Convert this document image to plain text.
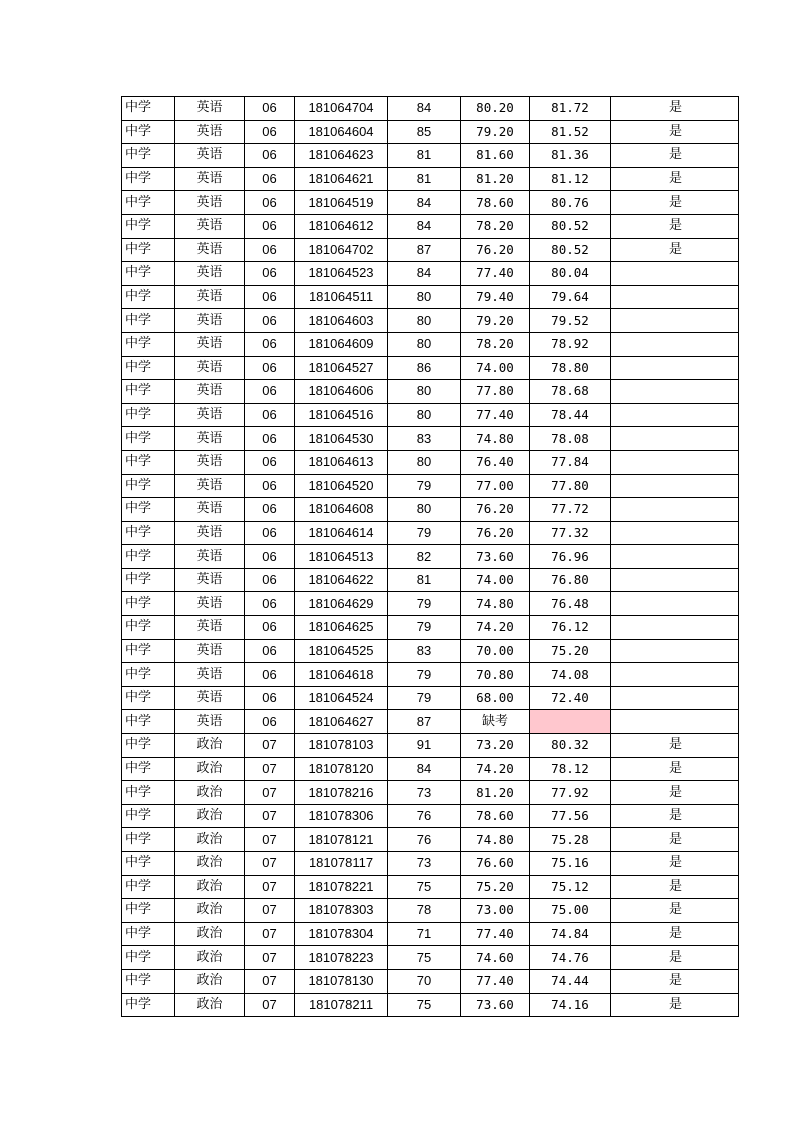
中学	英语	06	181064704	84	80.20	81.72	是
中学	英语	06	181064604	85	79.20	81.52	是
中学	英语	06	181064623	81	81.60	81.36	是
中学	英语	06	181064621	81	81.20	81.12	是
中学	英语	06	181064519	84	78.60	80.76	是
中学	英语	06	181064612	84	78.20	80.52	是
中学	英语	06	181064702	87	76.20	80.52	是
中学	英语	06	181064523	84	77.40	80.04	
中学	英语	06	181064511	80	79.40	79.64	
中学	英语	06	181064603	80	79.20	79.52	
中学	英语	06	181064609	80	78.20	78.92	
中学	英语	06	181064527	86	74.00	78.80	
中学	英语	06	181064606	80	77.80	78.68	
中学	英语	06	181064516	80	77.40	78.44	
中学	英语	06	181064530	83	74.80	78.08	
中学	英语	06	181064613	80	76.40	77.84	
中学	英语	06	181064520	79	77.00	77.80	
中学	英语	06	181064608	80	76.20	77.72	
中学	英语	06	181064614	79	76.20	77.32	
中学	英语	06	181064513	82	73.60	76.96	
中学	英语	06	181064622	81	74.00	76.80	
中学	英语	06	181064629	79	74.80	76.48	
中学	英语	06	181064625	79	74.20	76.12	
中学	英语	06	181064525	83	70.00	75.20	
中学	英语	06	181064618	79	70.80	74.08	
中学	英语	06	181064524	79	68.00	72.40	
中学	英语	06	181064627	87	缺考		
中学	政治	07	181078103	91	73.20	80.32	是
中学	政治	07	181078120	84	74.20	78.12	是
中学	政治	07	181078216	73	81.20	77.92	是
中学	政治	07	181078306	76	78.60	77.56	是
中学	政治	07	181078121	76	74.80	75.28	是
中学	政治	07	181078117	73	76.60	75.16	是
中学	政治	07	181078221	75	75.20	75.12	是
中学	政治	07	181078303	78	73.00	75.00	是
中学	政治	07	181078304	71	77.40	74.84	是
中学	政治	07	181078223	75	74.60	74.76	是
中学	政治	07	181078130	70	77.40	74.44	是
中学	政治	07	181078211	75	73.60	74.16	是
